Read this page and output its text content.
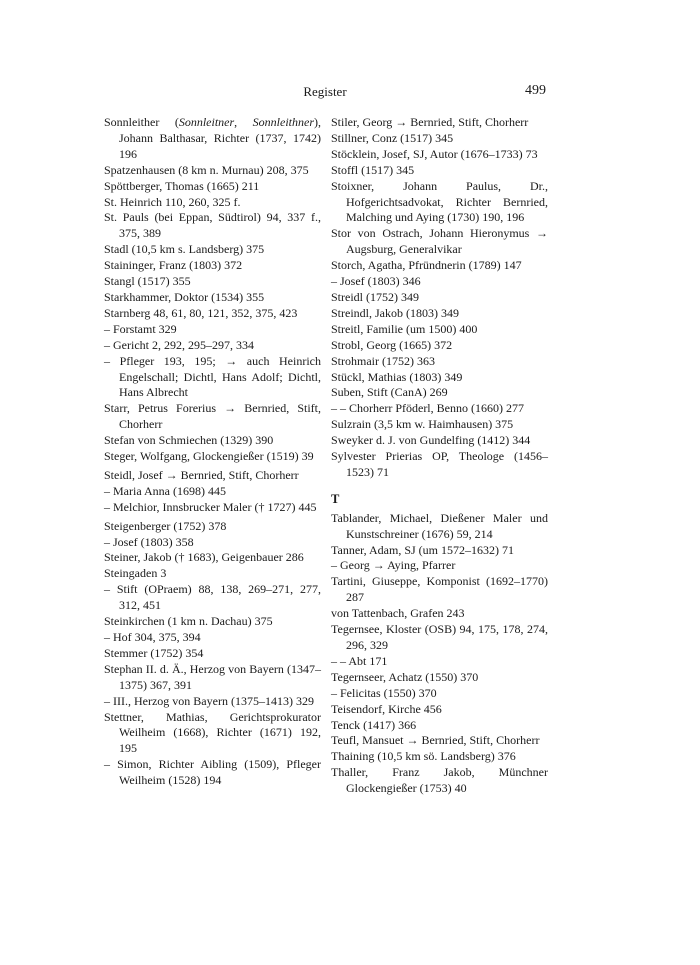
Register	499

Sonnleither (Sonnleitner, Sonnleithner), Johann Balthasar, Richter (1737, 1742) 196

Spatzenhausen (8 km n. Murnau) 208, 375

Spöttberger, Thomas (1665) 211

St. Heinrich 110, 260, 325 f.

St. Pauls (bei Eppan, Südtirol) 94, 337 f., 375, 389

Stadl (10,5 km s. Landsberg) 375

Staininger, Franz (1803) 372

Stangl (1517) 355

Starkhammer, Doktor (1534) 355

Starnberg 48, 61, 80, 121, 352, 375, 423

– Forstamt 329

– Gericht 2, 292, 295–297, 334

– Pfleger 193, 195; → auch Heinrich Engelschall; Dichtl, Hans Adolf; Dichtl, Hans Albrecht

Starr, Petrus Forerius → Bernried, Stift, Chorherr

Stefan von Schmiechen (1329) 390

Steger, Wolfgang, Glockengießer (1519) 39

Steidl, Josef → Bernried, Stift, Chorherr

– Maria Anna (1698) 445

– Melchior, Innsbrucker Maler († 1727) 445

Steigenberger (1752) 378

– Josef (1803) 358

Steiner, Jakob († 1683), Geigenbauer 286

Steingaden 3

– Stift (OPraem) 88, 138, 269–271, 277, 312, 451

Steinkirchen (1 km n. Dachau) 375

– Hof 304, 375, 394

Stemmer (1752) 354

Stephan II. d. Ä., Herzog von Bayern (1347–1375) 367, 391

– III., Herzog von Bayern (1375–1413) 329

Stettner, Mathias, Gerichtsprokurator Weilheim (1668), Richter (1671) 192, 195

– Simon, Richter Aibling (1509), Pfleger Weilheim (1528) 194

Stiler, Georg → Bernried, Stift, Chorherr

Stillner, Conz (1517) 345

Stöcklein, Josef, SJ, Autor (1676–1733) 73

Stoffl (1517) 345

Stoixner, Johann Paulus, Dr., Hofgerichtsadvokat, Richter Bernried, Malching und Aying (1730) 190, 196

Stor von Ostrach, Johann Hieronymus → Augsburg, Generalvikar

Storch, Agatha, Pfründnerin (1789) 147

– Josef (1803) 346

Streidl (1752) 349

Streindl, Jakob (1803) 349

Streitl, Familie (um 1500) 400

Strobl, Georg (1665) 372

Strohmair (1752) 363

Stückl, Mathias (1803) 349

Suben, Stift (CanA) 269

– – Chorherr Pföderl, Benno (1660) 277

Sulzrain (3,5 km w. Haimhausen) 375

Sweyker d. J. von Gundelfing (1412) 344

Sylvester Prierias OP, Theologe (1456–1523) 71

T

Tablander, Michael, Dießener Maler und Kunstschreiner (1676) 59, 214

Tanner, Adam, SJ (um 1572–1632) 71

– Georg → Aying, Pfarrer

Tartini, Giuseppe, Komponist (1692–1770) 287

von Tattenbach, Grafen 243

Tegernsee, Kloster (OSB) 94, 175, 178, 274, 296, 329

– – Abt 171

Tegernseer, Achatz (1550) 370

– Felicitas (1550) 370

Teisendorf, Kirche 456

Tenck (1417) 366

Teufl, Mansuet → Bernried, Stift, Chorherr

Thaining (10,5 km sö. Landsberg) 376

Thaller, Franz Jakob, Münchner Glockengießer (1753) 40
